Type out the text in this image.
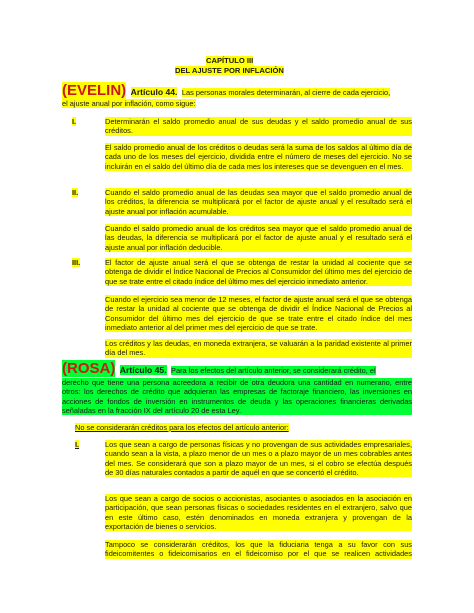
CAPÍTULO III
DEL AJUSTE POR INFLACIÓN
(EVELIN) Artículo 44. Las personas morales determinarán, al cierre de cada ejercicio,
el ajuste anual por inflación, como sigue:
I.	Determinarán el saldo promedio anual de sus deudas y el saldo promedio anual de sus
créditos.
El saldo promedio anual de los créditos o deudas será la suma de los saldos al último día de cada uno de los meses del ejercicio, dividida entre el número de meses del ejercicio. No se incluirán en el saldo del último día de cada mes los intereses que se devenguen en el mes.
II.	Cuando el saldo promedio anual de las deudas sea mayor que el saldo promedio anual de los créditos, la diferencia se multiplicará por el factor de ajuste anual y el resultado será el ajuste anual por inflación acumulable.
Cuando el saldo promedio anual de los créditos sea mayor que el saldo promedio anual de las deudas, la diferencia se multiplicará por el factor de ajuste anual y el resultado será el ajuste anual por inflación deducible.
III.	El factor de ajuste anual será el que se obtenga de restar la unidad al cociente que se obtenga de dividir el Índice Nacional de Precios al Consumidor del último mes del ejercicio de que se trate entre el citado índice del último mes del ejercicio inmediato anterior.
Cuando el ejercicio sea menor de 12 meses, el factor de ajuste anual será el que se obtenga de restar la unidad al cociente que se obtenga de dividir el Índice Nacional de Precios al Consumidor del último mes del ejercicio de que se trate entre el citado índice del mes inmediato anterior al del primer mes del ejercicio de que se trate.
Los créditos y las deudas, en moneda extranjera, se valuarán a la paridad existente al primer día del mes.
(ROSA) Artículo 45. Para los efectos del artículo anterior, se considerará crédito, el
derecho que tiene una persona acreedora a recibir de otra deudora una cantidad en numerario, entre otros: los derechos de crédito que adquieran las empresas de factoraje financiero, las inversiones en acciones de fondos de inversión en instrumentos de deuda y las operaciones financieras derivadas señaladas en la fracción IX del artículo 20 de esta Ley.
No se considerarán créditos para los efectos del artículo anterior:
I.	Los que sean a cargo de personas físicas y no provengan de sus actividades empresariales, cuando sean a la vista, a plazo menor de un mes o a plazo mayor de un mes cobrables antes del mes. Se considerará que son a plazo mayor de un mes, si el cobro se efectúa después de 30 días naturales contados a partir de aquél en que se concertó el crédito.
Los que sean a cargo de socios o accionistas, asociantes o asociados en la asociación en participación, que sean personas físicas o sociedades residentes en el extranjero, salvo que en este último caso, estén denominados en moneda extranjera y provengan de la exportación de bienes o servicios.
Tampoco se considerarán créditos, los que la fiduciaria tenga a su favor con sus fideicomitentes o fideicomisarios en el fideicomiso por el que se realicen actividades
